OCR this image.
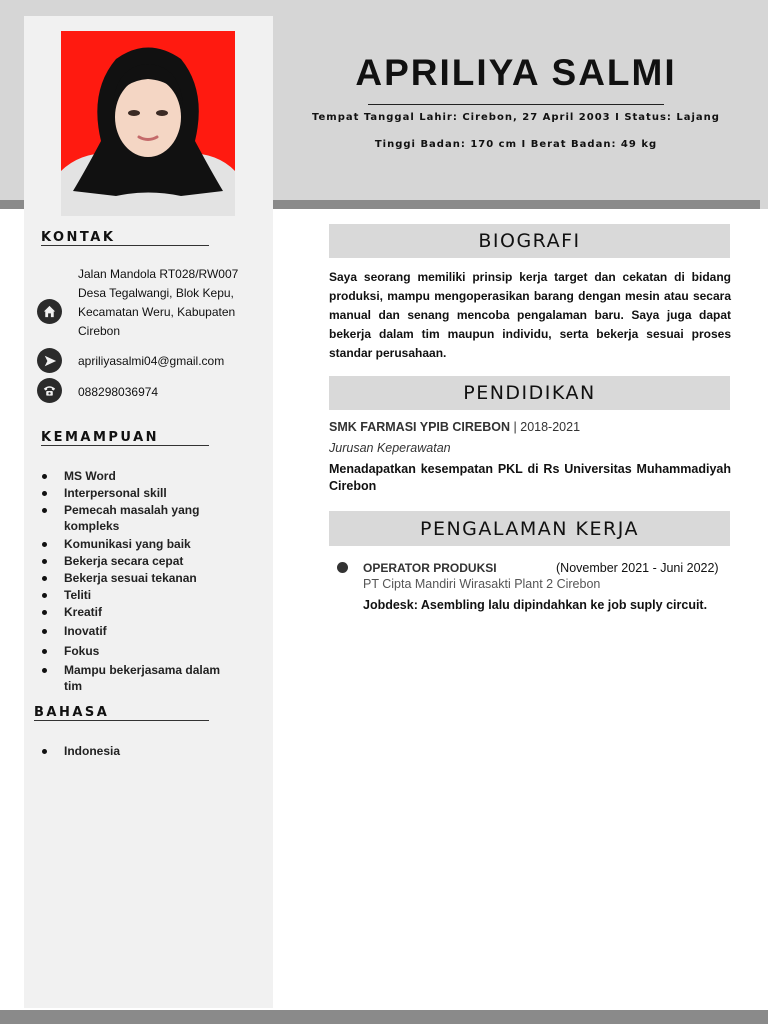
APRILIYA SALMI
Tempat Tanggal Lahir: Cirebon, 27 April 2003 I Status: Lajang
Tinggi Badan: 170 cm I Berat Badan: 49 kg
KONTAK
Jalan Mandola RT028/RW007
Desa Tegalwangi, Blok Kepu,
Kecamatan Weru, Kabupaten
Cirebon
apriliyasalmi04@gmail.com
088298036974
KEMAMPUAN
MS Word
Interpersonal skill
Pemecah masalah yang kompleks
Komunikasi yang baik
Bekerja secara cepat
Bekerja sesuai tekanan
Teliti
Kreatif
Inovatif
Fokus
Mampu bekerjasama dalam tim
BAHASA
Indonesia
BIOGRAFI
Saya seorang memiliki prinsip kerja target dan cekatan di bidang produksi, mampu mengoperasikan barang dengan mesin atau secara manual dan senang mencoba pengalaman baru. Saya juga dapat bekerja dalam tim maupun individu, serta bekerja sesuai proses standar perusahaan.
PENDIDIKAN
SMK FARMASI YPIB CIREBON | 2018-2021
Jurusan Keperawatan
Menadapatkan kesempatan PKL di Rs Universitas Muhammadiyah Cirebon
PENGALAMAN KERJA
OPERATOR PRODUKSI	(November 2021 - Juni 2022)
PT Cipta Mandiri Wirasakti Plant 2 Cirebon
Jobdesk: Asembling lalu dipindahkan ke job suply circuit.
